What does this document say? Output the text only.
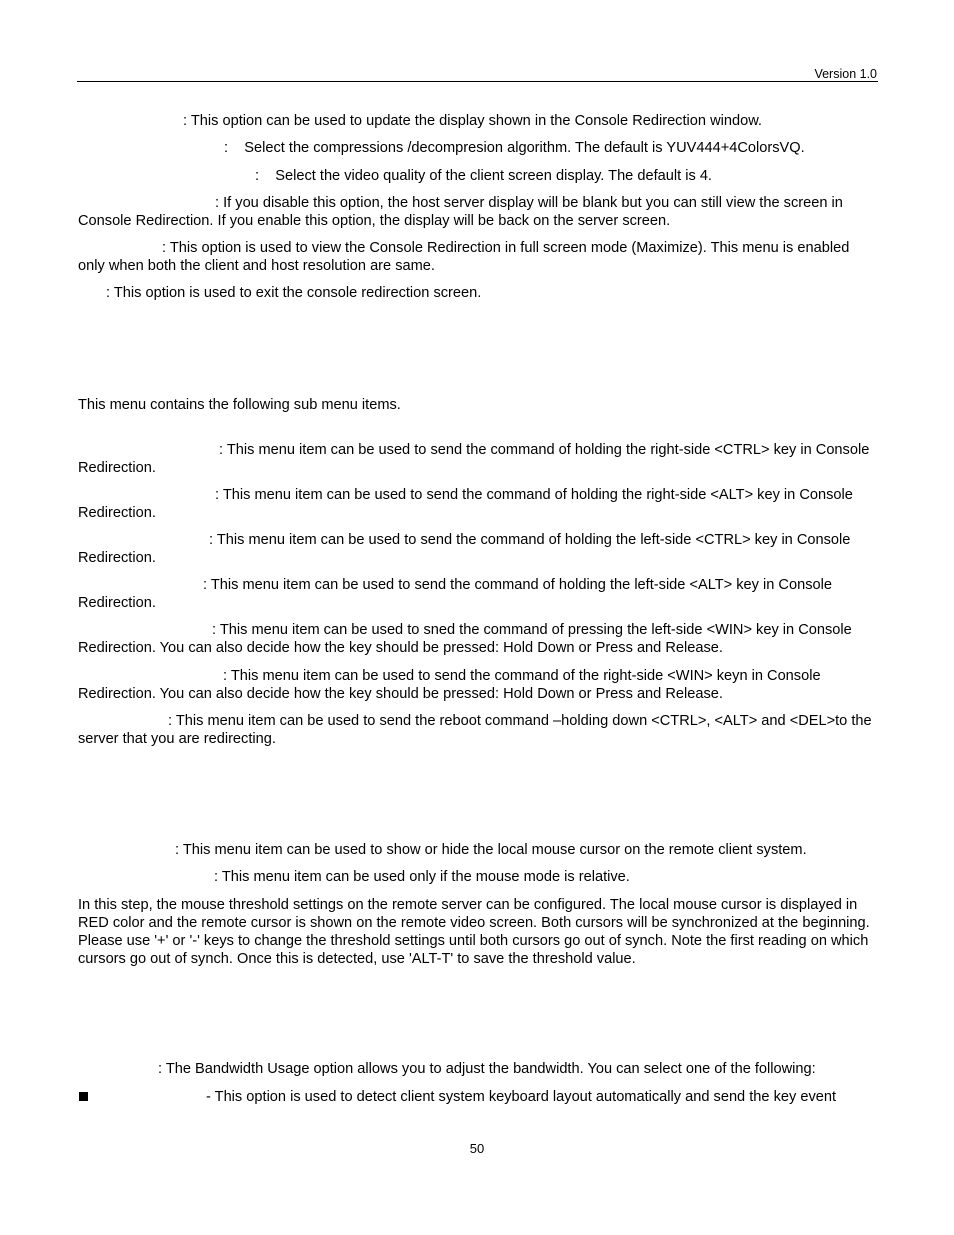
Version 1.0
: This option can be used to update the display shown in the Console Redirection window.
:    Select the compressions /decompresion algorithm. The default is YUV444+4ColorsVQ.
:    Select the video quality of the client screen display. The default is 4.

: If you disable this option, the host server display will be blank but you can still view the screen in Console Redirection. If you enable this option, the display will be back on the server screen.

: This option is used to view the Console Redirection in full screen mode (Maximize). This menu is enabled only when both the client and host resolution are same.

: This option is used to exit the console redirection screen.
This menu contains the following sub menu items.

: This menu item can be used to send the command of holding the right-side <CTRL> key in Console Redirection.

: This menu item can be used to send the command of holding the right-side <ALT> key in Console Redirection.

: This menu item can be used to send the command of holding the left-side <CTRL> key in Console Redirection.

: This menu item can be used to send the command of holding the left-side <ALT> key in Console Redirection.

: This menu item can be used to sned the command of pressing the left-side <WIN> key in Console Redirection. You can also decide how the key should be pressed: Hold Down or Press and Release.

: This menu item can be used to send the command of the right-side <WIN> keyn in Console Redirection. You can also decide how the key should be pressed: Hold Down or Press and Release.

: This menu item can be used to send the reboot command –holding down <CTRL>, <ALT> and <DEL>to the server that you are redirecting.

: This menu item can be used to show or hide the local mouse cursor on the remote client system.
: This menu item can be used only if the mouse mode is relative.

In this step, the mouse threshold settings on the remote server can be configured. The local mouse cursor is displayed in RED color and the remote cursor is shown on the remote video screen. Both cursors will be synchronized at the beginning. Please use '+' or '-' keys to change the threshold settings until both cursors go out of synch. Note the first reading on which cursors go out of synch. Once this is detected, use 'ALT-T' to save the threshold value.

: The Bandwidth Usage option allows you to adjust the bandwidth. You can select one of the following:
- This option is used to detect client system keyboard layout automatically and send the key event
50
